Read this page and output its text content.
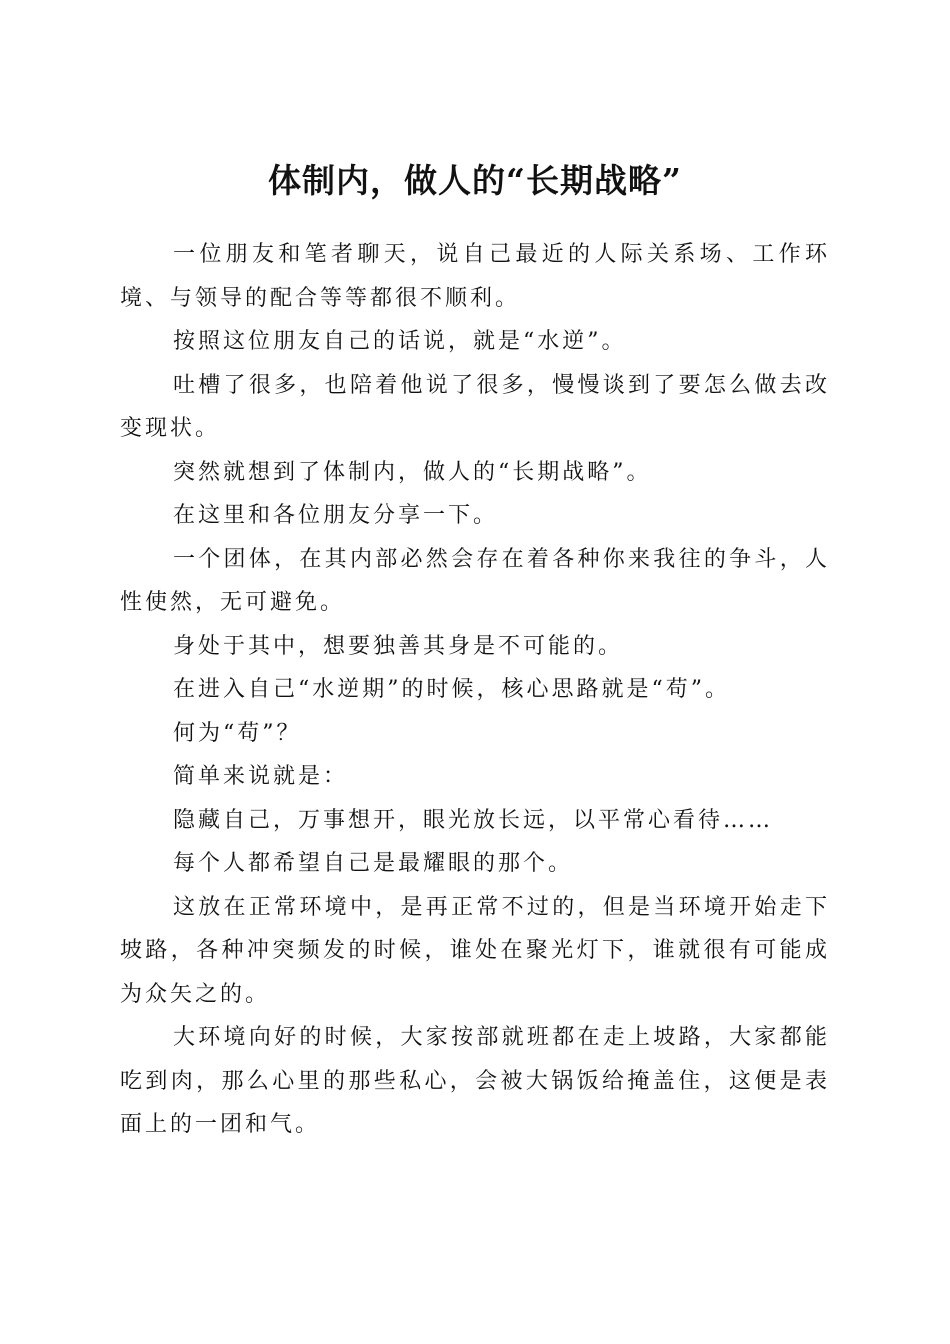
体制内，做人的“长期战略”

一位朋友和笔者聊天，说自己最近的人际关系场、工作环境、与领导的配合等等都很不顺利。

按照这位朋友自己的话说，就是“水逆”。

吐槽了很多，也陪着他说了很多，慢慢谈到了要怎么做去改变现状。

突然就想到了体制内，做人的“长期战略”。

在这里和各位朋友分享一下。

一个团体，在其内部必然会存在着各种你来我往的争斗，人性使然，无可避免。

身处于其中，想要独善其身是不可能的。

在进入自己“水逆期”的时候，核心思路就是“苟”。

何为“苟”？

简单来说就是：

隐藏自己，万事想开，眼光放长远，以平常心看待……

每个人都希望自己是最耀眼的那个。

这放在正常环境中，是再正常不过的，但是当环境开始走下坡路，各种冲突频发的时候，谁处在聚光灯下，谁就很有可能成为众矢之的。

大环境向好的时候，大家按部就班都在走上坡路，大家都能吃到肉，那么心里的那些私心，会被大锅饭给掩盖住，这便是表面上的一团和气。
